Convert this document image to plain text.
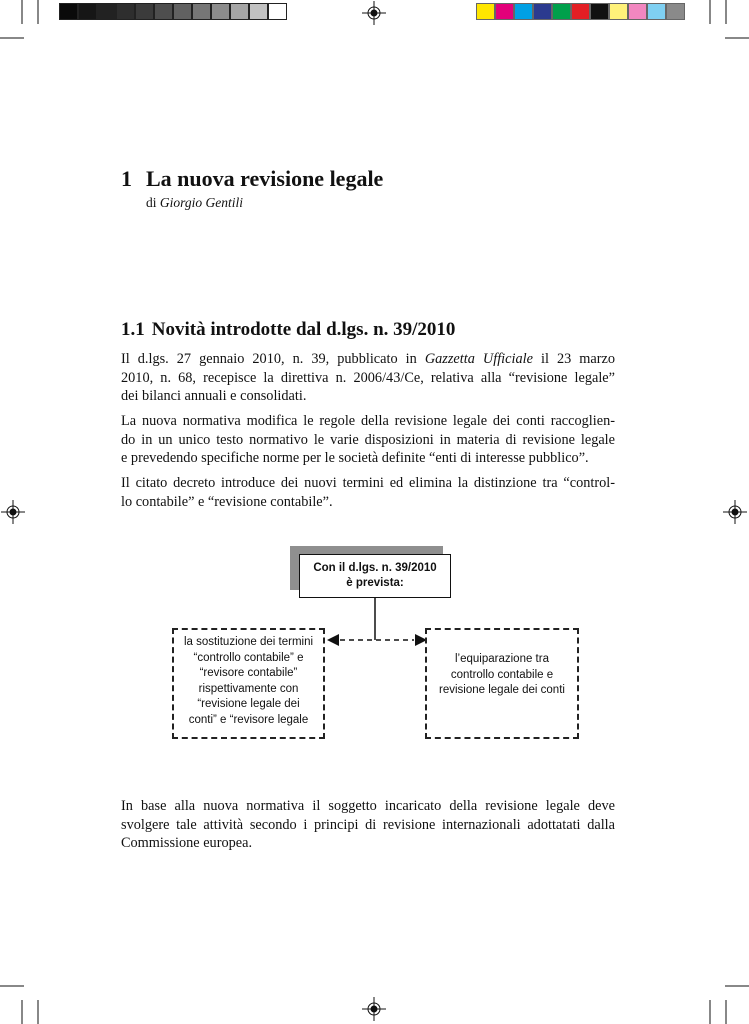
1 La nuova revisione legale
di Giorgio Gentili
1.1 Novità introdotte dal d.lgs. n. 39/2010
Il d.lgs. 27 gennaio 2010, n. 39, pubblicato in Gazzetta Ufficiale il 23 marzo
2010, n. 68, recepisce la direttiva n. 2006/43/Ce, relativa alla “revisione legale”
dei bilanci annuali e consolidati.
La nuova normativa modifica le regole della revisione legale dei conti raccoglien-
do in un unico testo normativo le varie disposizioni in materia di revisione legale
e prevedendo specifiche norme per le società definite “enti di interesse pubblico”.
Il citato decreto introduce dei nuovi termini ed elimina la distinzione tra “control-
lo contabile” e “revisione contabile”.
Con il d.lgs. n. 39/2010
è prevista:
la sostituzione dei termini
“controllo contabile” e
“revisore contabile”
rispettivamente con
“revisione legale dei
conti” e “revisore legale
l’equiparazione tra
controllo contabile e
revisione legale dei conti
In base alla nuova normativa il soggetto incaricato della revisione legale deve
svolgere tale attività secondo i principi di revisione internazionali adottatati dalla
Commissione europea.
